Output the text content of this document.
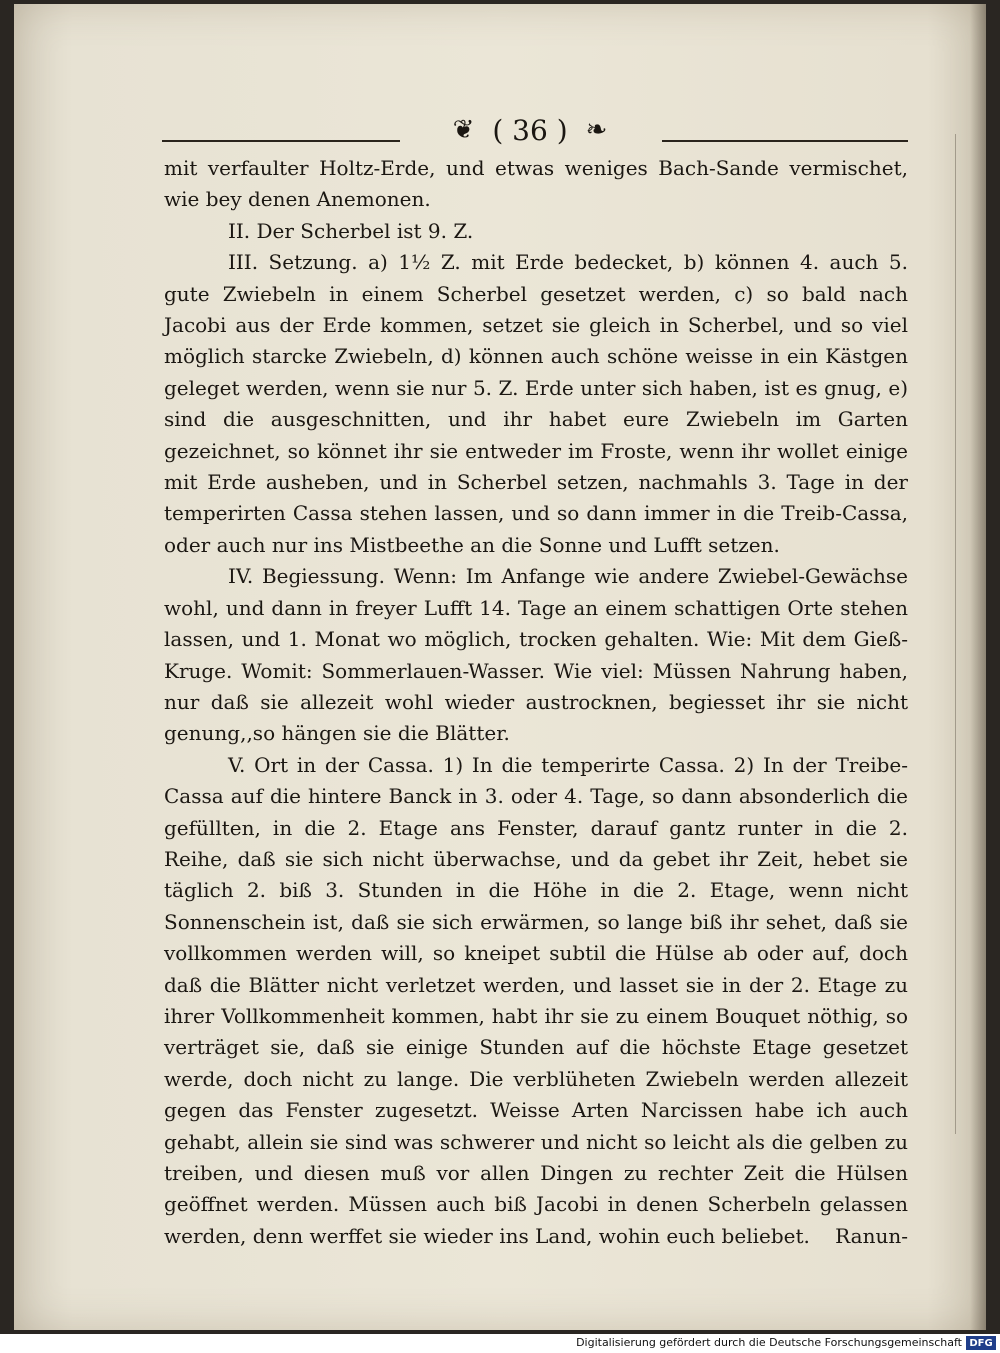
❦ ( 36 ) ❧

mit verfaulter Holtz-Erde, und etwas weniges Bach-Sande vermischet, wie bey denen Anemonen.

II. Der Scherbel ist 9. Z.

III. Setzung. a) 1½ Z. mit Erde bedecket, b) können 4. auch 5. gute Zwiebeln in einem Scherbel gesetzet werden, c) so bald nach Jacobi aus der Erde kommen, setzet sie gleich in Scherbel, und so viel möglich starcke Zwiebeln, d) können auch schöne weisse in ein Kästgen geleget werden, wenn sie nur 5. Z. Erde unter sich haben, ist es gnug, e) sind die ausgeschnitten, und ihr habet eure Zwiebeln im Garten gezeichnet, so könnet ihr sie entweder im Froste, wenn ihr wollet einige mit Erde ausheben, und in Scherbel setzen, nachmahls 3. Tage in der temperirten Cassa stehen lassen, und so dann immer in die Treib-Cassa, oder auch nur ins Mistbeethe an die Sonne und Lufft setzen.

IV. Begiessung. Wenn: Im Anfange wie andere Zwiebel-Gewächse wohl, und dann in freyer Lufft 14. Tage an einem schattigen Orte stehen lassen, und 1. Monat wo möglich, trocken gehalten. Wie: Mit dem Gieß-Kruge. Womit: Sommerlauen-Wasser. Wie viel: Müssen Nahrung haben, nur daß sie allezeit wohl wieder austrocknen, begiesset ihr sie nicht genung,,so hängen sie die Blätter.

V. Ort in der Cassa. 1) In die temperirte Cassa. 2) In der Treibe-Cassa auf die hintere Banck in 3. oder 4. Tage, so dann absonderlich die gefüllten, in die 2. Etage ans Fenster, darauf gantz runter in die 2. Reihe, daß sie sich nicht überwachse, und da gebet ihr Zeit, hebet sie täglich 2. biß 3. Stunden in die Höhe in die 2. Etage, wenn nicht Sonnenschein ist, daß sie sich erwärmen, so lange biß ihr sehet, daß sie vollkommen werden will, so kneipet subtil die Hülse ab oder auf, doch daß die Blätter nicht verletzet werden, und lasset sie in der 2. Etage zu ihrer Vollkommenheit kommen, habt ihr sie zu einem Bouquet nöthig, so verträget sie, daß sie einige Stunden auf die höchste Etage gesetzet werde, doch nicht zu lange. Die verblüheten Zwiebeln werden allezeit gegen das Fenster zugesetzt. Weisse Arten Narcissen habe ich auch gehabt, allein sie sind was schwerer und nicht so leicht als die gelben zu treiben, und diesen muß vor allen Dingen zu rechter Zeit die Hülsen geöffnet werden. Müssen auch biß Jacobi in denen Scherbeln gelassen werden, denn werffet sie wieder ins Land, wohin euch beliebet.	Ranun-

Digitalisierung gefördert durch die Deutsche Forschungsgemeinschaft DFG
